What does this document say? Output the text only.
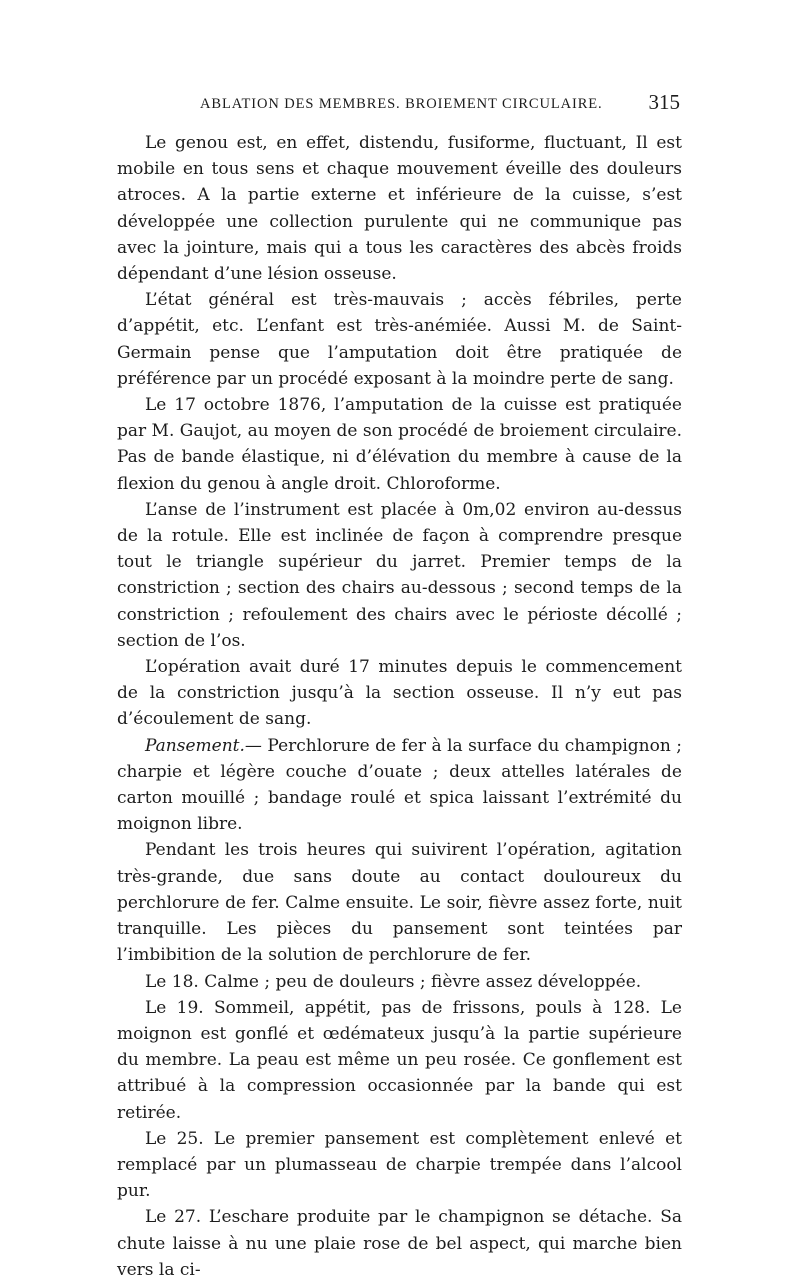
ABLATION DES MEMBRES. BROIEMENT CIRCULAIRE. 315

Le genou est, en effet, distendu, fusiforme, fluctuant, Il est mobile en tous sens et chaque mouvement éveille des douleurs atroces. A la partie externe et inférieure de la cuisse, s’est développée une collection purulente qui ne communique pas avec la jointure, mais qui a tous les caractères des abcès froids dépendant d’une lésion osseuse.

L’état général est très-mauvais ; accès fébriles, perte d’appétit, etc. L’enfant est très-anémiée. Aussi M. de Saint-Germain pense que l’amputation doit être pratiquée de préférence par un procédé exposant à la moindre perte de sang.

Le 17 octobre 1876, l’amputation de la cuisse est pratiquée par M. Gaujot, au moyen de son procédé de broiement circulaire. Pas de bande élastique, ni d’élévation du membre à cause de la flexion du genou à angle droit. Chloroforme.

L’anse de l’instrument est placée à 0m,02 environ au-dessus de la rotule. Elle est inclinée de façon à comprendre presque tout le triangle supérieur du jarret. Premier temps de la constriction ; section des chairs au-dessous ; second temps de la constriction ; refoulement des chairs avec le périoste décollé ; section de l’os.

L’opération avait duré 17 minutes depuis le commencement de la constriction jusqu’à la section osseuse. Il n’y eut pas d’écoulement de sang.

Pansement.— Perchlorure de fer à la surface du champignon ; charpie et légère couche d’ouate ; deux attelles latérales de carton mouillé ; bandage roulé et spica laissant l’extrémité du moignon libre.

Pendant les trois heures qui suivirent l’opération, agitation très-grande, due sans doute au contact douloureux du perchlorure de fer. Calme ensuite. Le soir, fièvre assez forte, nuit tranquille. Les pièces du pansement sont teintées par l’imbibition de la solution de perchlorure de fer.

Le 18. Calme ; peu de douleurs ; fièvre assez développée.

Le 19. Sommeil, appétit, pas de frissons, pouls à 128. Le moignon est gonflé et œdémateux jusqu’à la partie supérieure du membre. La peau est même un peu rosée. Ce gonflement est attribué à la compression occasionnée par la bande qui est retirée.

Le 25. Le premier pansement est complètement enlevé et remplacé par un plumasseau de charpie trempée dans l’alcool pur.

Le 27. L’eschare produite par le champignon se détache. Sa chute laisse à nu une plaie rose de bel aspect, qui marche bien vers la ci-
